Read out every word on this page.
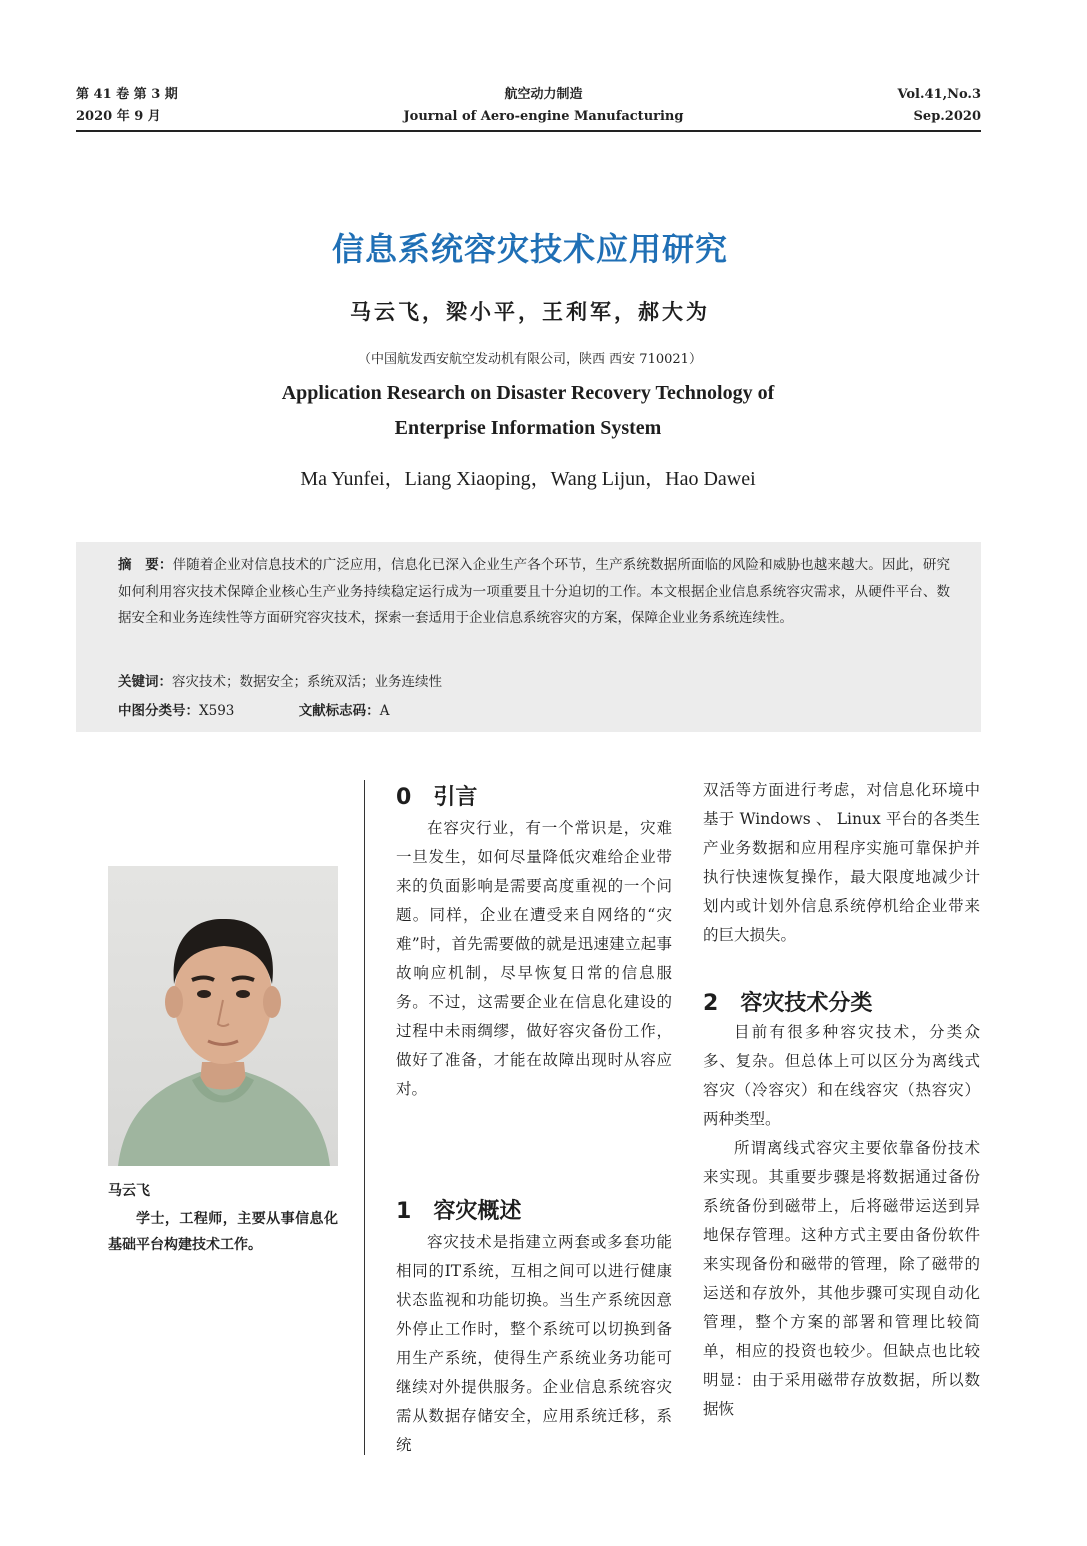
第 41 卷 第 3 期
2020 年 9 月
航空动力制造
Journal of Aero-engine Manufacturing
Vol.41,No.3
Sep.2020
信息系统容灾技术应用研究
马云飞，梁小平，王利军，郝大为
（中国航发西安航空发动机有限公司，陕西 西安 710021）
Application Research on Disaster Recovery Technology of
Enterprise Information System
Ma Yunfei，Liang Xiaoping，Wang Lijun，Hao Dawei
摘　要：伴随着企业对信息技术的广泛应用，信息化已深入企业生产各个环节，生产系统数据所面临的风险和威胁也越来越大。因此，研究如何利用容灾技术保障企业核心生产业务持续稳定运行成为一项重要且十分迫切的工作。本文根据企业信息系统容灾需求，从硬件平台、数据安全和业务连续性等方面研究容灾技术，探索一套适用于企业信息系统容灾的方案，保障企业业务系统连续性。
关键词：容灾技术；数据安全；系统双活；业务连续性
中图分类号：X593	文献标志码：A
马云飞
学士，工程师，主要从事信息化基础平台构建技术工作。
0 引言

在容灾行业，有一个常识是，灾难一旦发生，如何尽量降低灾难给企业带来的负面影响是需要高度重视的一个问题。同样，企业在遭受来自网络的“灾难”时，首先需要做的就是迅速建立起事故响应机制，尽早恢复日常的信息服务。不过，这需要企业在信息化建设的过程中未雨绸缪，做好容灾备份工作，做好了准备，才能在故障出现时从容应对。

1 容灾概述

容灾技术是指建立两套或多套功能相同的IT系统，互相之间可以进行健康状态监视和功能切换。当生产系统因意外停止工作时，整个系统可以切换到备用生产系统，使得生产系统业务功能可继续对外提供服务。企业信息系统容灾需从数据存储安全，应用系统迁移，系统

双活等方面进行考虑，对信息化环境中基于 Windows 、 Linux 平台的各类生产业务数据和应用程序实施可靠保护并执行快速恢复操作，最大限度地减少计划内或计划外信息系统停机给企业带来的巨大损失。

2 容灾技术分类

目前有很多种容灾技术，分类众多、复杂。但总体上可以区分为离线式容灾（冷容灾）和在线容灾（热容灾）两种类型。

所谓离线式容灾主要依靠备份技术来实现。其重要步骤是将数据通过备份系统备份到磁带上，后将磁带运送到异地保存管理。这种方式主要由备份软件来实现备份和磁带的管理，除了磁带的运送和存放外，其他步骤可实现自动化管理，整个方案的部署和管理比较简单，相应的投资也较少。但缺点也比较明显：由于采用磁带存放数据，所以数据恢
